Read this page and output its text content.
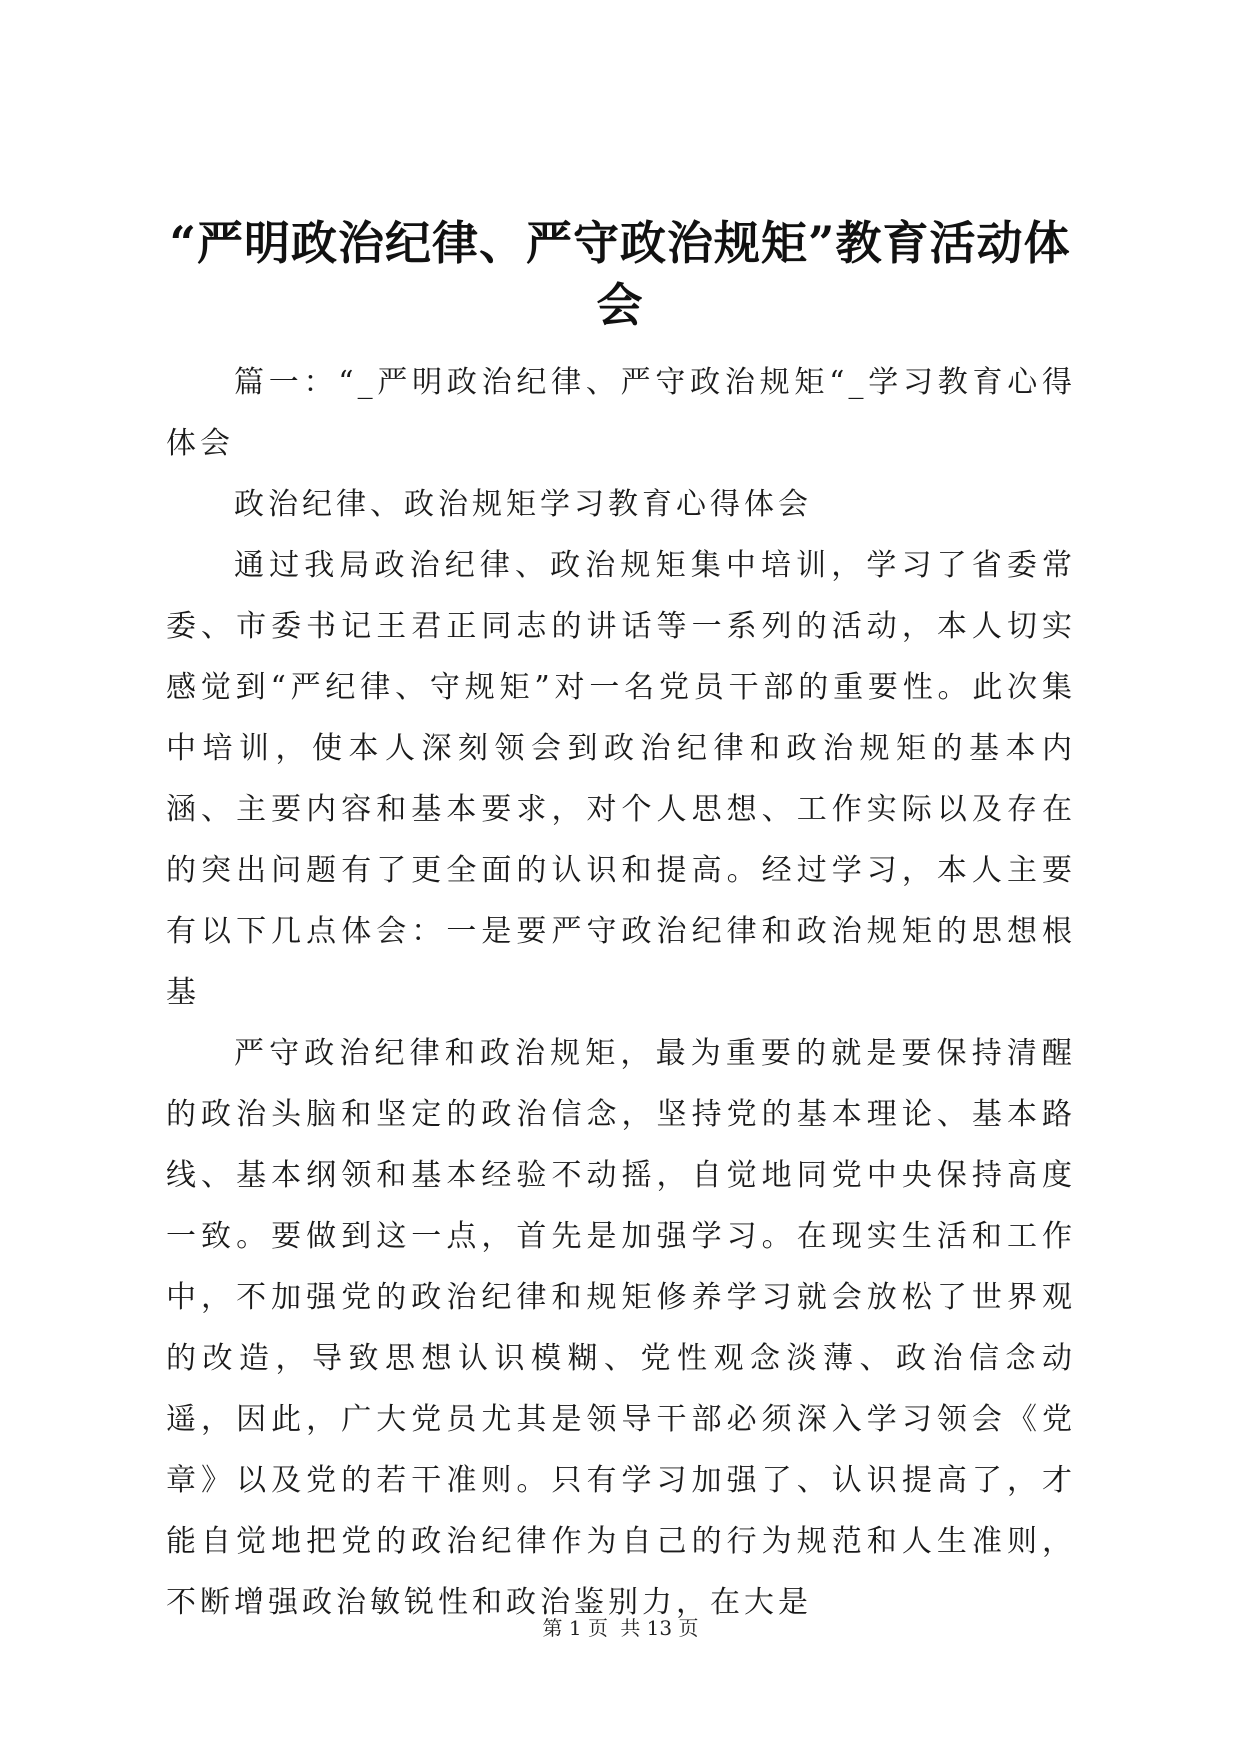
“严明政治纪律、严守政治规矩”教育活动体会

篇一：“_严明政治纪律、严守政治规矩“_学习教育心得体会

政治纪律、政治规矩学习教育心得体会

通过我局政治纪律、政治规矩集中培训，学习了省委常委、市委书记王君正同志的讲话等一系列的活动，本人切实感觉到“严纪律、守规矩”对一名党员干部的重要性。此次集中培训，使本人深刻领会到政治纪律和政治规矩的基本内涵、主要内容和基本要求，对个人思想、工作实际以及存在的突出问题有了更全面的认识和提高。经过学习，本人主要有以下几点体会：一是要严守政治纪律和政治规矩的思想根基

严守政治纪律和政治规矩，最为重要的就是要保持清醒的政治头脑和坚定的政治信念，坚持党的基本理论、基本路线、基本纲领和基本经验不动摇，自觉地同党中央保持高度一致。要做到这一点，首先是加强学习。在现实生活和工作中，不加强党的政治纪律和规矩修养学习就会放松了世界观的改造，导致思想认识模糊、党性观念淡薄、政治信念动遥，因此，广大党员尤其是领导干部必须深入学习领会《党章》以及党的若干准则。只有学习加强了、认识提高了，才能自觉地把党的政治纪律作为自己的行为规范和人生准则，不断增强政治敏锐性和政治鉴别力，在大是

第 1 页 共 13 页
